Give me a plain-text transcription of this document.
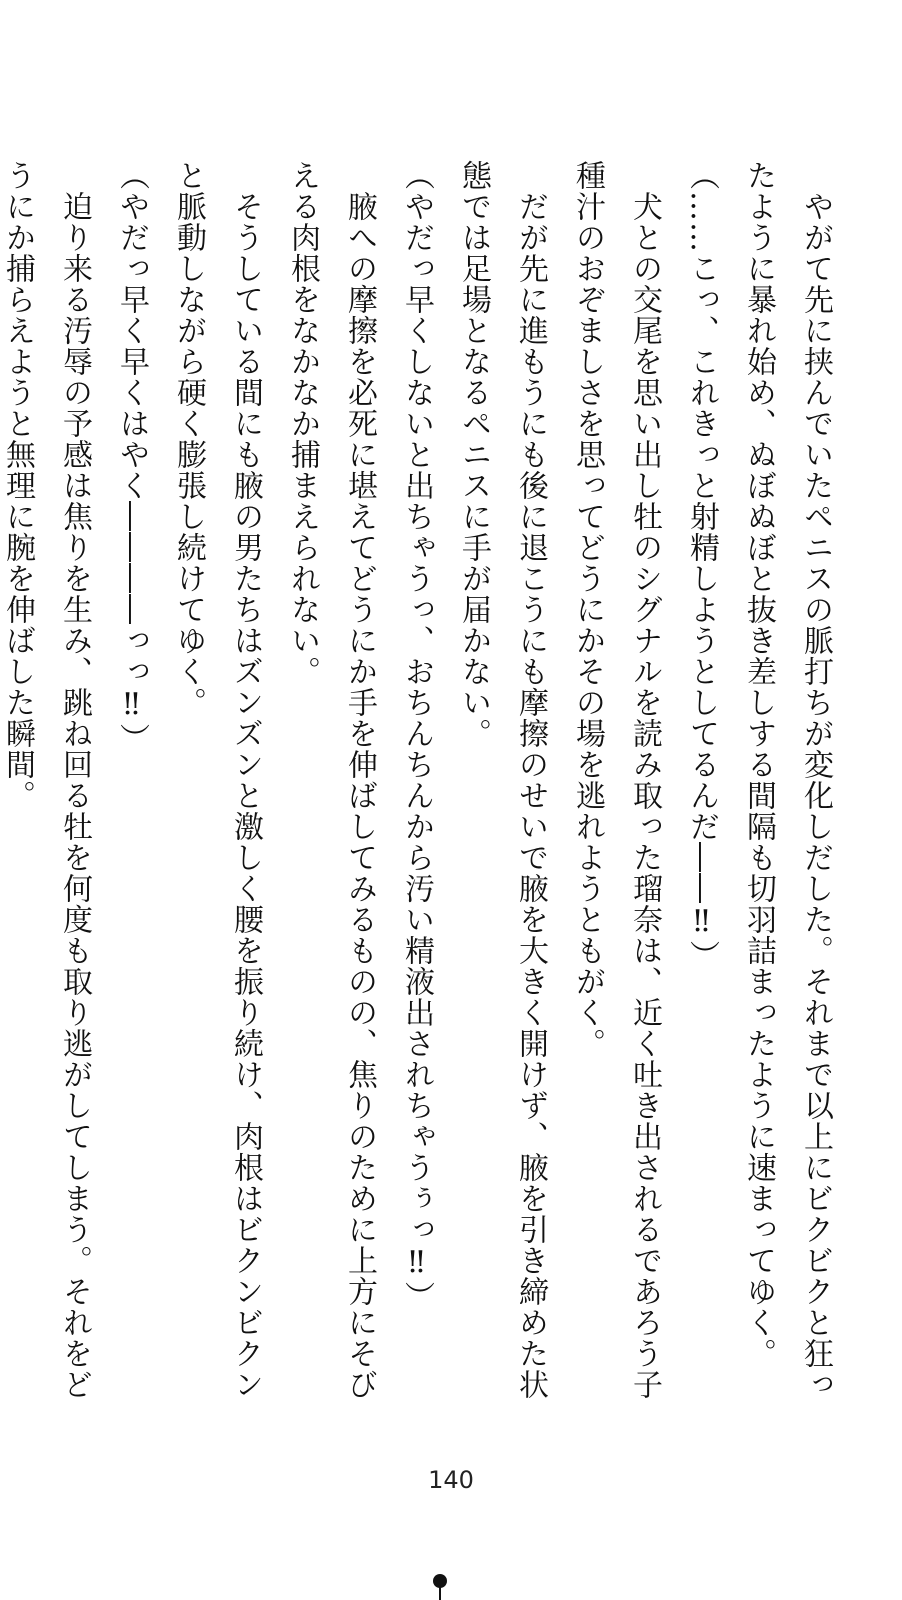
　やがて先に挟んでいたペニスの脈打ちが変化しだした。それまで以上にビクビクと狂っ
たように暴れ始め、ぬぼぬぼと抜き差しする間隔も切羽詰まったように速まってゆく。
（……こっ、これきっと射精しようとしてるんだ――‼）
　犬との交尾を思い出し牡のシグナルを読み取った瑠奈は、近く吐き出されるであろう子
種汁のおぞましさを思ってどうにかその場を逃れようともがく。
　だが先に進もうにも後に退こうにも摩擦のせいで腋を大きく開けず、腋を引き締めた状
態では足場となるペニスに手が届かない。
（やだっ早くしないと出ちゃうっ、おちんちんから汚い精液出されちゃうぅっ‼）
　腋への摩擦を必死に堪えてどうにか手を伸ばしてみるものの、焦りのために上方にそび
える肉根をなかなか捕まえられない。
　そうしている間にも腋の男たちはズンズンと激しく腰を振り続け、肉根はビクンビクン
と脈動しながら硬く膨張し続けてゆく。
（やだっ早く早くはやく――――っっ‼）
　迫り来る汚辱の予感は焦りを生み、跳ね回る牡を何度も取り逃がしてしまう。それをど
うにか捕らえようと無理に腕を伸ばした瞬間。
140
